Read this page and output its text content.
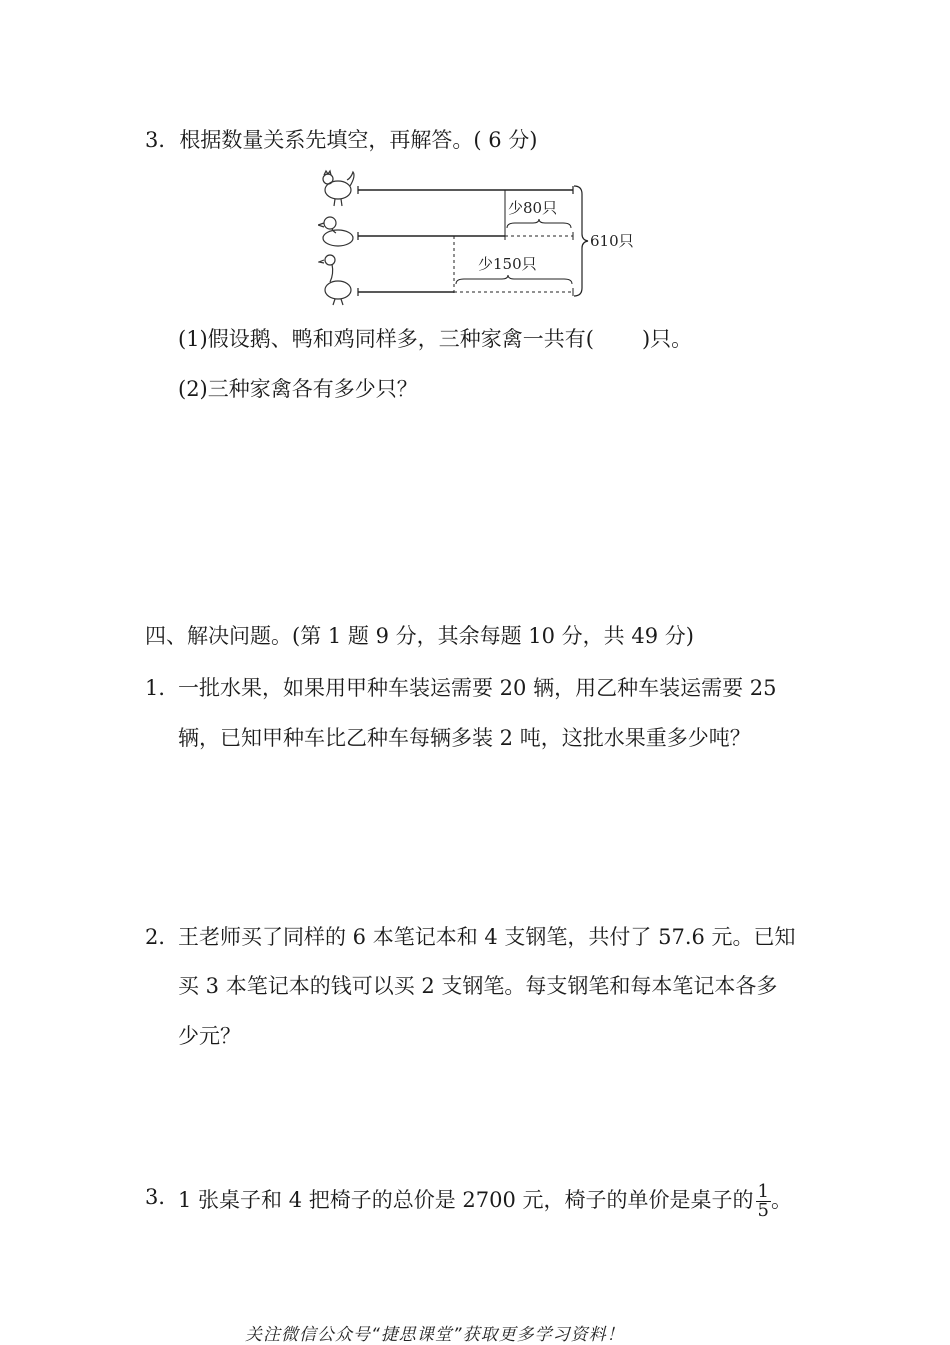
3．根据数量关系先填空，再解答。( 6 分)
少80只
少150只
610只
(1)假设鹅、鸭和鸡同样多，三种家禽一共有( )只。
(2)三种家禽各有多少只？
四、解决问题。(第 1 题 9 分，其余每题 10 分，共 49 分)
1．
一批水果，如果用甲种车装运需要 20 辆，用乙种车装运需要 25
辆，已知甲种车比乙种车每辆多装 2 吨，这批水果重多少吨？
2．
王老师买了同样的 6 本笔记本和 4 支钢笔，共付了 57.6 元。已知
买 3 本笔记本的钱可以买 2 支钢笔。每支钢笔和每本笔记本各多
少元？
3．
1 张桌子和 4 把椅子的总价是 2700 元，椅子的单价是桌子的 $\frac{1}{5}$ 。
关注微信公众号“捷思课堂”获取更多学习资料！
